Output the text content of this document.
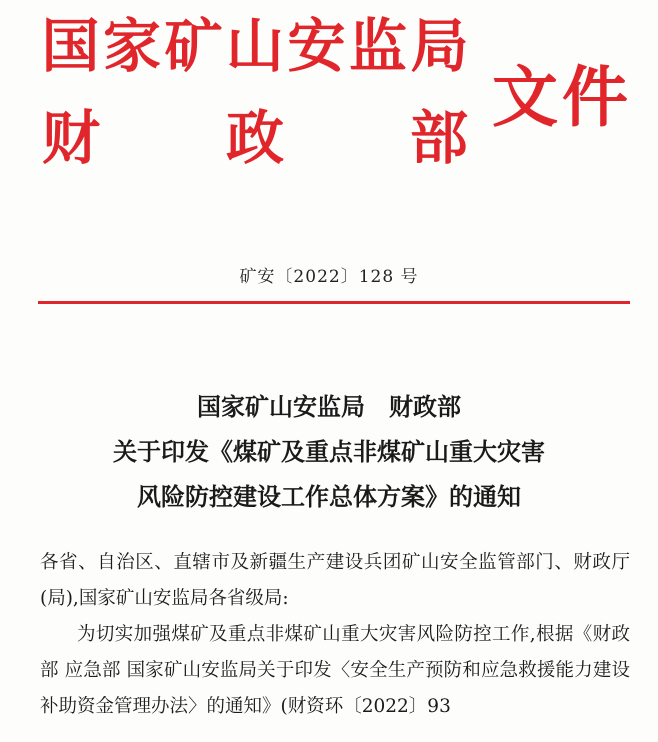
国 家 矿 山 安 监 局
财 政 部
文件
矿安〔2022〕128 号
国家矿山安监局　财政部
关于印发《煤矿及重点非煤矿山重大灾害
风险防控建设工作总体方案》的通知

各省、自治区、直辖市及新疆生产建设兵团矿山安全监管部门、财政厅(局),国家矿山安监局各省级局:

为切实加强煤矿及重点非煤矿山重大灾害风险防控工作,根据《财政部 应急部 国家矿山安监局关于印发〈安全生产预防和应急救援能力建设补助资金管理办法〉的通知》(财资环〔2022〕93
